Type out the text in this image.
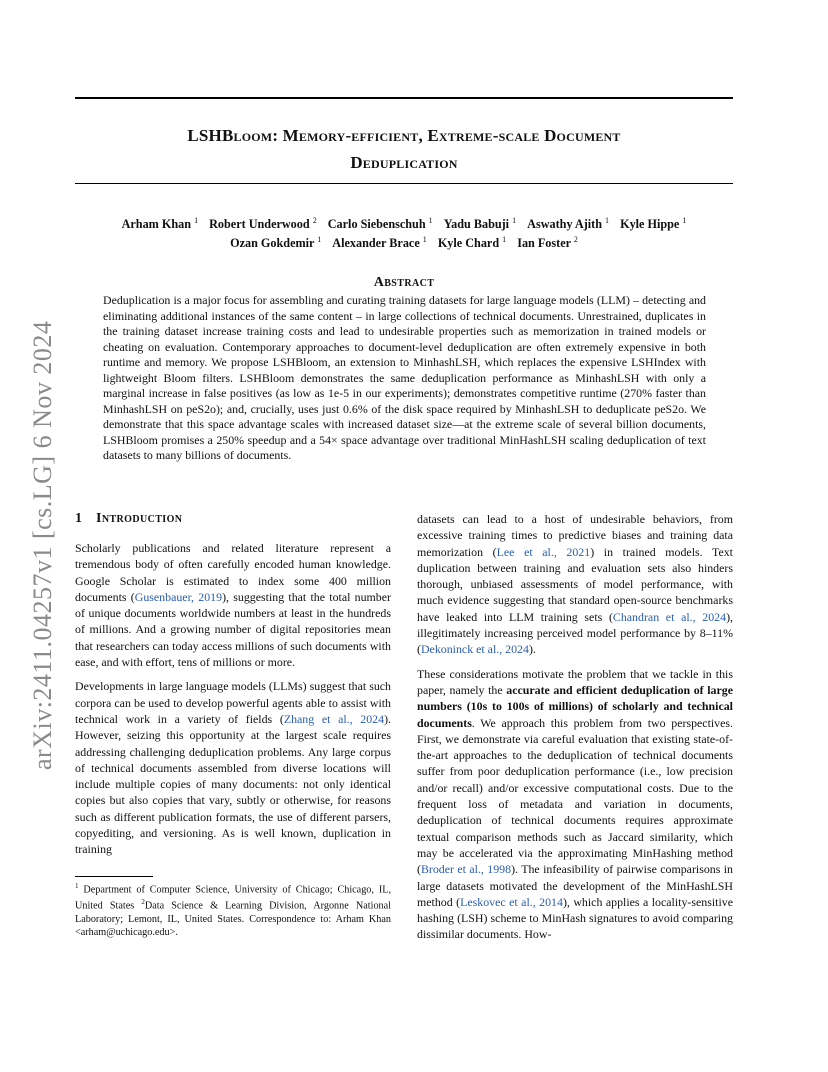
arXiv:2411.04257v1 [cs.LG] 6 Nov 2024
LSHBloom: Memory-efficient, Extreme-scale Document
Deduplication
Arham Khan $^1$ Robert Underwood $^2$ Carlo Siebenschuh $^1$ Yadu Babuji $^1$ Aswathy Ajith $^1$ Kyle Hippe $^1$
Ozan Gokdemir $^1$ Alexander Brace $^1$ Kyle Chard $^1$ Ian Foster $^2$
Abstract

Deduplication is a major focus for assembling and curating training datasets for large language models (LLM) – detecting and eliminating additional instances of the same content – in large collections of technical documents. Unrestrained, duplicates in the training dataset increase training costs and lead to undesirable properties such as memorization in trained models or cheating on evaluation. Contemporary approaches to document-level deduplication are often extremely expensive in both runtime and memory. We propose LSHBloom, an extension to MinhashLSH, which replaces the expensive LSHIndex with lightweight Bloom filters. LSHBloom demonstrates the same deduplication performance as MinhashLSH with only a marginal increase in false positives (as low as 1e-5 in our experiments); demonstrates competitive runtime (270% faster than MinhashLSH on peS2o); and, crucially, uses just 0.6% of the disk space required by MinhashLSH to deduplicate peS2o. We demonstrate that this space advantage scales with increased dataset size—at the extreme scale of several billion documents, LSHBloom promises a 250% speedup and a 54× space advantage over traditional MinHashLSH scaling deduplication of text datasets to many billions of documents.

1 Introduction

Scholarly publications and related literature represent a tremendous body of often carefully encoded human knowledge. Google Scholar is estimated to index some 400 million documents (Gusenbauer, 2019), suggesting that the total number of unique documents worldwide numbers at least in the hundreds of millions. And a growing number of digital repositories mean that researchers can today access millions of such documents with ease, and with effort, tens of millions or more.

Developments in large language models (LLMs) suggest that such corpora can be used to develop powerful agents able to assist with technical work in a variety of fields (Zhang et al., 2024). However, seizing this opportunity at the largest scale requires addressing challenging deduplication problems. Any large corpus of technical documents assembled from diverse locations will include multiple copies of many documents: not only identical copies but also copies that vary, subtly or otherwise, for reasons such as different publication formats, the use of different parsers, copyediting, and versioning. As is well known, duplication in training

$^1$ Department of Computer Science, University of Chicago; Chicago, IL, United States $^2$Data Science & Learning Division, Argonne National Laboratory; Lemont, IL, United States. Correspondence to: Arham Khan <arham@uchicago.edu>.

datasets can lead to a host of undesirable behaviors, from excessive training times to predictive biases and training data memorization (Lee et al., 2021) in trained models. Text duplication between training and evaluation sets also hinders thorough, unbiased assessments of model performance, with much evidence suggesting that standard open-source benchmarks have leaked into LLM training sets (Chandran et al., 2024), illegitimately increasing perceived model performance by 8–11% (Dekoninck et al., 2024).

These considerations motivate the problem that we tackle in this paper, namely the accurate and efficient deduplication of large numbers (10s to 100s of millions) of scholarly and technical documents. We approach this problem from two perspectives. First, we demonstrate via careful evaluation that existing state-of-the-art approaches to the deduplication of technical documents suffer from poor deduplication performance (i.e., low precision and/or recall) and/or excessive computational costs. Due to the frequent loss of metadata and variation in documents, deduplication of technical documents requires approximate textual comparison methods such as Jaccard similarity, which may be accelerated via the approximating MinHashing method (Broder et al., 1998). The infeasibility of pairwise comparisons in large datasets motivated the development of the MinHashLSH method (Leskovec et al., 2014), which applies a locality-sensitive hashing (LSH) scheme to MinHash signatures to avoid comparing dissimilar documents. How-
